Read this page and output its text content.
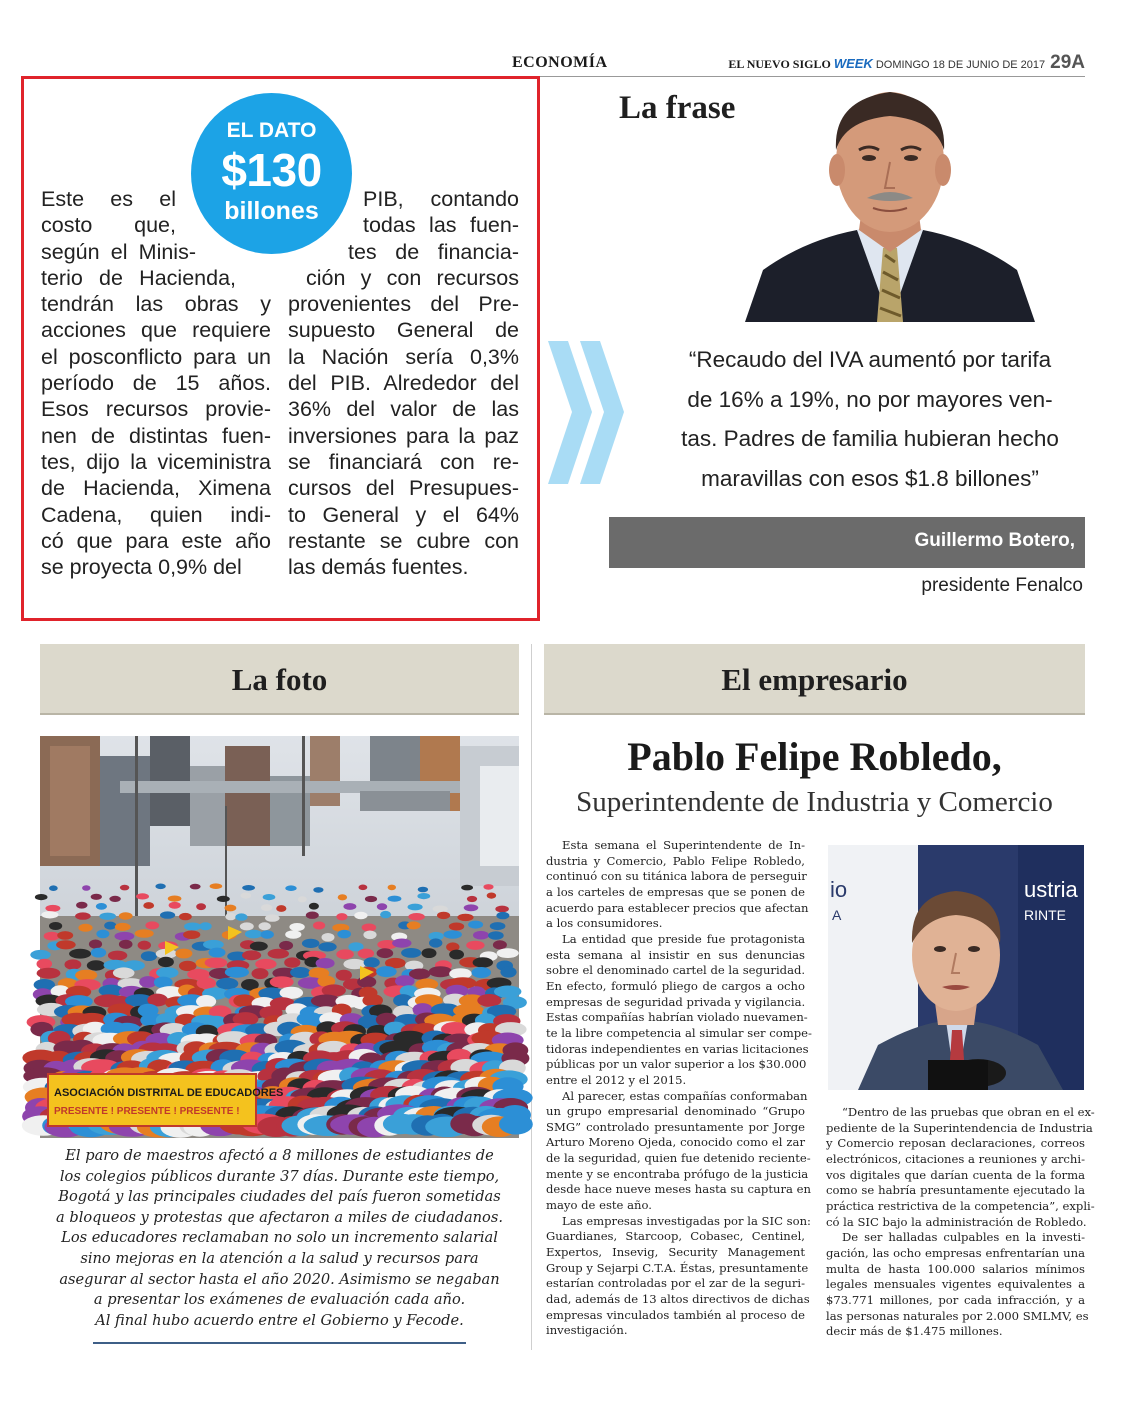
ECONOMÍA	EL NUEVO SIGLO WEEK DOMINGO 18 DE JUNIO DE 2017 29A
EL DATO
$130
billones
Este es el
costo que,
según el Minis-
terio de Hacienda,
tendrán las obras y
acciones que requiere
el posconflicto para un
período de 15 años.
Esos recursos provie-
nen de distintas fuen-
tes, dijo la viceministra
de Hacienda, Ximena
Cadena, quien indi-
có que para este año
se proyecta 0,9% del
PIB, contando
todas las fuen-
tes de financia-
ción y con recursos
provenientes del Pre-
supuesto General de
la Nación sería 0,3%
del PIB. Alrededor del
36% del valor de las
inversiones para la paz
se financiará con re-
cursos del Presupues-
to General y el 64%
restante se cubre con
las demás fuentes.
La frase
“Recaudo del IVA aumentó por tarifa
de 16% a 19%, no por mayores ven-
tas. Padres de familia hubieran hecho
maravillas con esos $1.8 billones”
Guillermo Botero,
presidente Fenalco
La foto	El empresario
ASOCIACIÓN DISTRITAL DE EDUCADORES
PRESENTE ! PRESENTE ! PRESENTE !
El paro de maestros afectó a 8 millones de estudiantes de
los colegios públicos durante 37 días. Durante este tiempo,
Bogotá y las principales ciudades del país fueron sometidas
a bloqueos y protestas que afectaron a miles de ciudadanos.
Los educadores reclamaban no solo un incremento salarial
sino mejoras en la atención a la salud y recursos para
asegurar al sector hasta el año 2020. Asimismo se negaban
a presentar los exámenes de evaluación cada año.
Al final hubo acuerdo entre el Gobierno y Fecode.
Pablo Felipe Robledo,
Superintendente de Industria y Comercio
Esta semana el Superintendente de In-
dustria y Comercio, Pablo Felipe Robledo,
continuó con su titánica labora de perseguir
a los carteles de empresas que se ponen de
acuerdo para establecer precios que afectan
a los consumidores.
La entidad que preside fue protagonista
esta semana al insistir en sus denuncias
sobre el denominado cartel de la seguridad.
En efecto, formuló pliego de cargos a ocho
empresas de seguridad privada y vigilancia.
Estas compañías habrían violado nuevamen-
te la libre competencia al simular ser compe-
tidoras independientes en varias licitaciones
públicas por un valor superior a los $30.000
entre el 2012 y el 2015.
Al parecer, estas compañías conformaban
un grupo empresarial denominado “Grupo
SMG” controlado presuntamente por Jorge
Arturo Moreno Ojeda, conocido como el zar
de la seguridad, quien fue detenido reciente-
mente y se encontraba prófugo de la justicia
desde hace nueve meses hasta su captura en
mayo de este año.
Las empresas investigadas por la SIC son:
Guardianes, Starcoop, Cobasec, Centinel,
Expertos, Insevig, Security Management
Group y Sejarpi C.T.A. Éstas, presuntamente
estarían controladas por el zar de la seguri-
dad, además de 13 altos directivos de dichas
empresas vinculados también al proceso de
investigación.
io
A
ustria y
RINTE
“Dentro de las pruebas que obran en el ex-
pediente de la Superintendencia de Industria
y Comercio reposan declaraciones, correos
electrónicos, citaciones a reuniones y archi-
vos digitales que darían cuenta de la forma
como se habría presuntamente ejecutado la
práctica restrictiva de la competencia”, expli-
có la SIC bajo la administración de Robledo.
De ser halladas culpables en la investi-
gación, las ocho empresas enfrentarían una
multa de hasta 100.000 salarios mínimos
legales mensuales vigentes equivalentes a
$73.771 millones, por cada infracción, y a
las personas naturales por 2.000 SMLMV, es
decir más de $1.475 millones.
